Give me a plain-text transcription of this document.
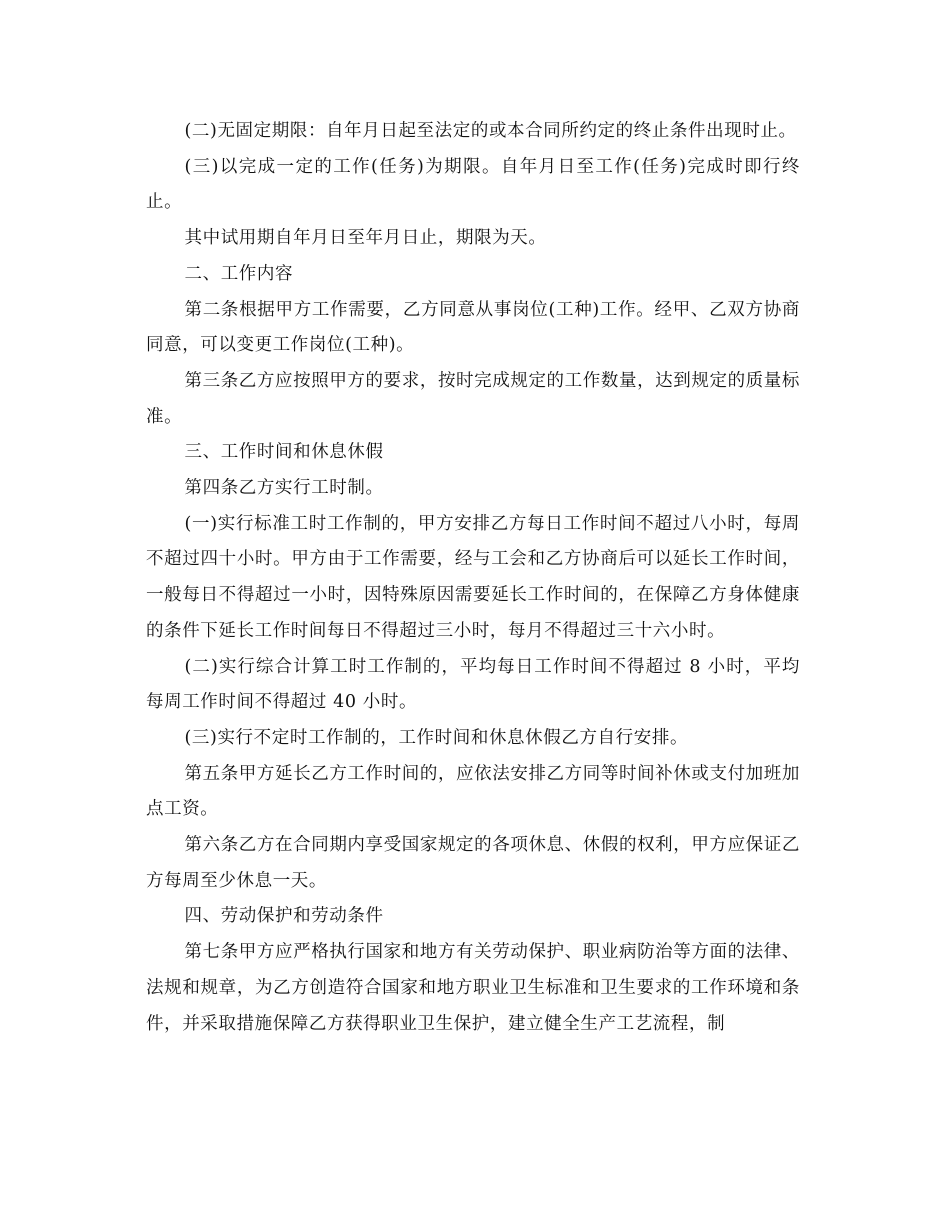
(二)无固定期限：自年月日起至法定的或本合同所约定的终止条件出现时止。

(三)以完成一定的工作(任务)为期限。自年月日至工作(任务)完成时即行终止。

其中试用期自年月日至年月日止，期限为天。

二、工作内容

第二条根据甲方工作需要，乙方同意从事岗位(工种)工作。经甲、乙双方协商同意，可以变更工作岗位(工种)。

第三条乙方应按照甲方的要求，按时完成规定的工作数量，达到规定的质量标准。

三、工作时间和休息休假

第四条乙方实行工时制。

(一)实行标准工时工作制的，甲方安排乙方每日工作时间不超过八小时，每周不超过四十小时。甲方由于工作需要，经与工会和乙方协商后可以延长工作时间，一般每日不得超过一小时，因特殊原因需要延长工作时间的，在保障乙方身体健康的条件下延长工作时间每日不得超过三小时，每月不得超过三十六小时。

(二)实行综合计算工时工作制的，平均每日工作时间不得超过 8 小时，平均每周工作时间不得超过 40 小时。

(三)实行不定时工作制的，工作时间和休息休假乙方自行安排。

第五条甲方延长乙方工作时间的，应依法安排乙方同等时间补休或支付加班加点工资。

第六条乙方在合同期内享受国家规定的各项休息、休假的权利，甲方应保证乙方每周至少休息一天。

四、劳动保护和劳动条件

第七条甲方应严格执行国家和地方有关劳动保护、职业病防治等方面的法律、法规和规章，为乙方创造符合国家和地方职业卫生标准和卫生要求的工作环境和条件，并采取措施保障乙方获得职业卫生保护，建立健全生产工艺流程，制
